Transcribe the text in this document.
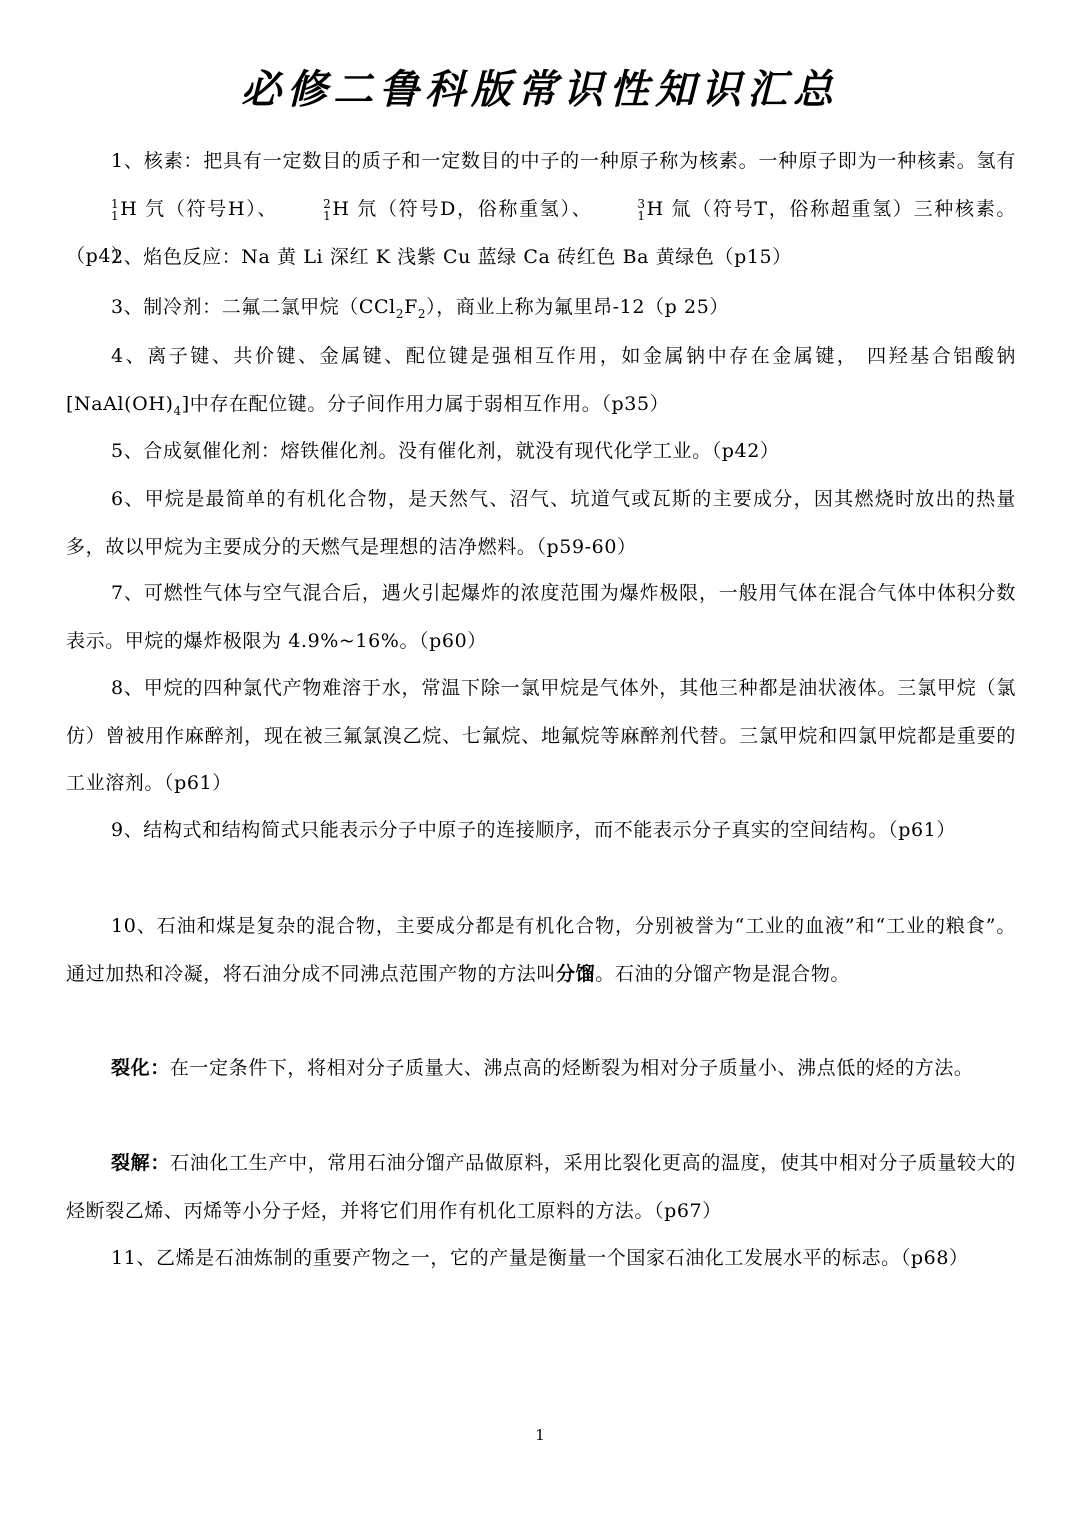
必修二鲁科版常识性知识汇总

1、核素：把具有一定数目的质子和一定数目的中子的一种原子称为核素。一种原子即为一种核素。氢有
1
1 H 氕（符号H）、	2
1 H 氘（符号D，俗称重氢）、	3
1 H 氚（符号T，俗称超重氢）三种核素。（p4）

2、焰色反应：Na 黄 Li 深红 K 浅紫 Cu 蓝绿 Ca 砖红色 Ba 黄绿色（p15）

3、制冷剂：二氟二氯甲烷$(CCl_2F_2)$，商业上称为氟里昂-12（p 25）

4、离子键、共价键、金属键、配位键是强相互作用，如金属钠中存在金属键， 四羟基合铝酸钠$[NaAl(OH)_4]$中存在配位键。分子间作用力属于弱相互作用。（p35）

5、合成氨催化剂：熔铁催化剂。没有催化剂，就没有现代化学工业。（p42）

6、甲烷是最简单的有机化合物，是天然气、沼气、坑道气或瓦斯的主要成分，因其燃烧时放出的热量多，故以甲烷为主要成分的天燃气是理想的洁净燃料。（p59-60）

7、可燃性气体与空气混合后，遇火引起爆炸的浓度范围为爆炸极限，一般用气体在混合气体中体积分数表示。甲烷的爆炸极限为 4.9%~16%。（p60）

8、甲烷的四种氯代产物难溶于水，常温下除一氯甲烷是气体外，其他三种都是油状液体。三氯甲烷（氯仿）曾被用作麻醉剂，现在被三氟氯溴乙烷、七氟烷、地氟烷等麻醉剂代替。三氯甲烷和四氯甲烷都是重要的工业溶剂。（p61）

9、结构式和结构简式只能表示分子中原子的连接顺序，而不能表示分子真实的空间结构。（p61）

10、石油和煤是复杂的混合物，主要成分都是有机化合物，分别被誉为“工业的血液”和“工业的粮食”。通过加热和冷凝，将石油分成不同沸点范围产物的方法叫分馏。石油的分馏产物是混合物。

裂化：在一定条件下，将相对分子质量大、沸点高的烃断裂为相对分子质量小、沸点低的烃的方法。

裂解：石油化工生产中，常用石油分馏产品做原料，采用比裂化更高的温度，使其中相对分子质量较大的烃断裂乙烯、丙烯等小分子烃，并将它们用作有机化工原料的方法。（p67）

11、乙烯是石油炼制的重要产物之一，它的产量是衡量一个国家石油化工发展水平的标志。（p68）

1
